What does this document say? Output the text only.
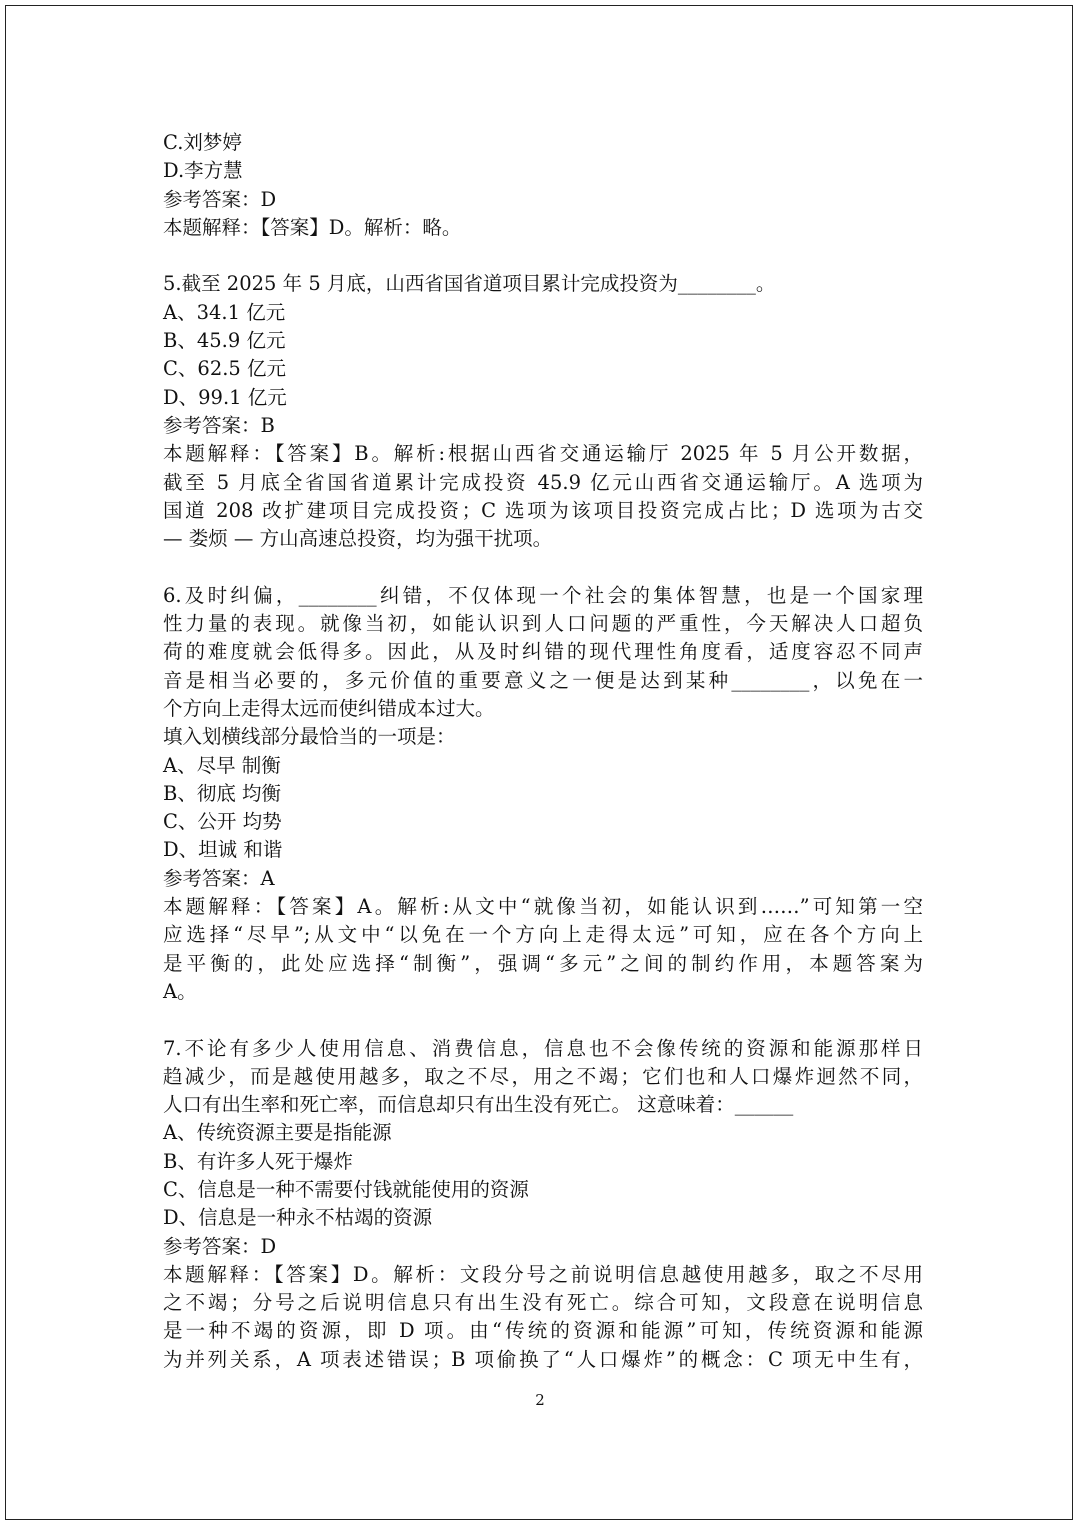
C.刘梦婷
D.李方慧
参考答案：D
本题解释：【答案】D。解析：略。
5.截至 2025 年 5 月底，山西省国省道项目累计完成投资为________。
A、34.1 亿元
B、45.9 亿元
C、62.5 亿元
D、99.1 亿元
参考答案：B
本题解释：【答案】B。解析:根据山西省交通运输厅 2025 年 5 月公开数据，
截至 5 月底全省国省道累计完成投资 45.9 亿元山西省交通运输厅。A 选项为
国道 208 改扩建项目完成投资；C 选项为该项目投资完成占比；D 选项为古交
— 娄烦 — 方山高速总投资，均为强干扰项。
6.及时纠偏，________纠错，不仅体现一个社会的集体智慧，也是一个国家理
性力量的表现。就像当初，如能认识到人口问题的严重性，今天解决人口超负
荷的难度就会低得多。因此，从及时纠错的现代理性角度看，适度容忍不同声
音是相当必要的，多元价值的重要意义之一便是达到某种________，以免在一
个方向上走得太远而使纠错成本过大。
填入划横线部分最恰当的一项是：
A、尽早 制衡
B、彻底 均衡
C、公开 均势
D、坦诚 和谐
参考答案：A
本题解释：【答案】A。解析:从文中“就像当初，如能认识到……”可知第一空
应选择“尽早”;从文中“以免在一个方向上走得太远”可知，应在各个方向上
是平衡的，此处应选择“制衡”，强调“多元”之间的制约作用，本题答案为
A。
7.不论有多少人使用信息、消费信息，信息也不会像传统的资源和能源那样日
趋减少，而是越使用越多，取之不尽，用之不竭；它们也和人口爆炸迥然不同，
人口有出生率和死亡率，而信息却只有出生没有死亡。 这意味着：______
A、传统资源主要是指能源
B、有许多人死于爆炸
C、信息是一种不需要付钱就能使用的资源
D、信息是一种永不枯竭的资源
参考答案：D
本题解释：【答案】D。解析：文段分号之前说明信息越使用越多，取之不尽用
之不竭；分号之后说明信息只有出生没有死亡。综合可知，文段意在说明信息
是一种不竭的资源，即 D 项。由“传统的资源和能源”可知，传统资源和能源
为并列关系，A 项表述错误；B 项偷换了“人口爆炸”的概念：C 项无中生有，
2
